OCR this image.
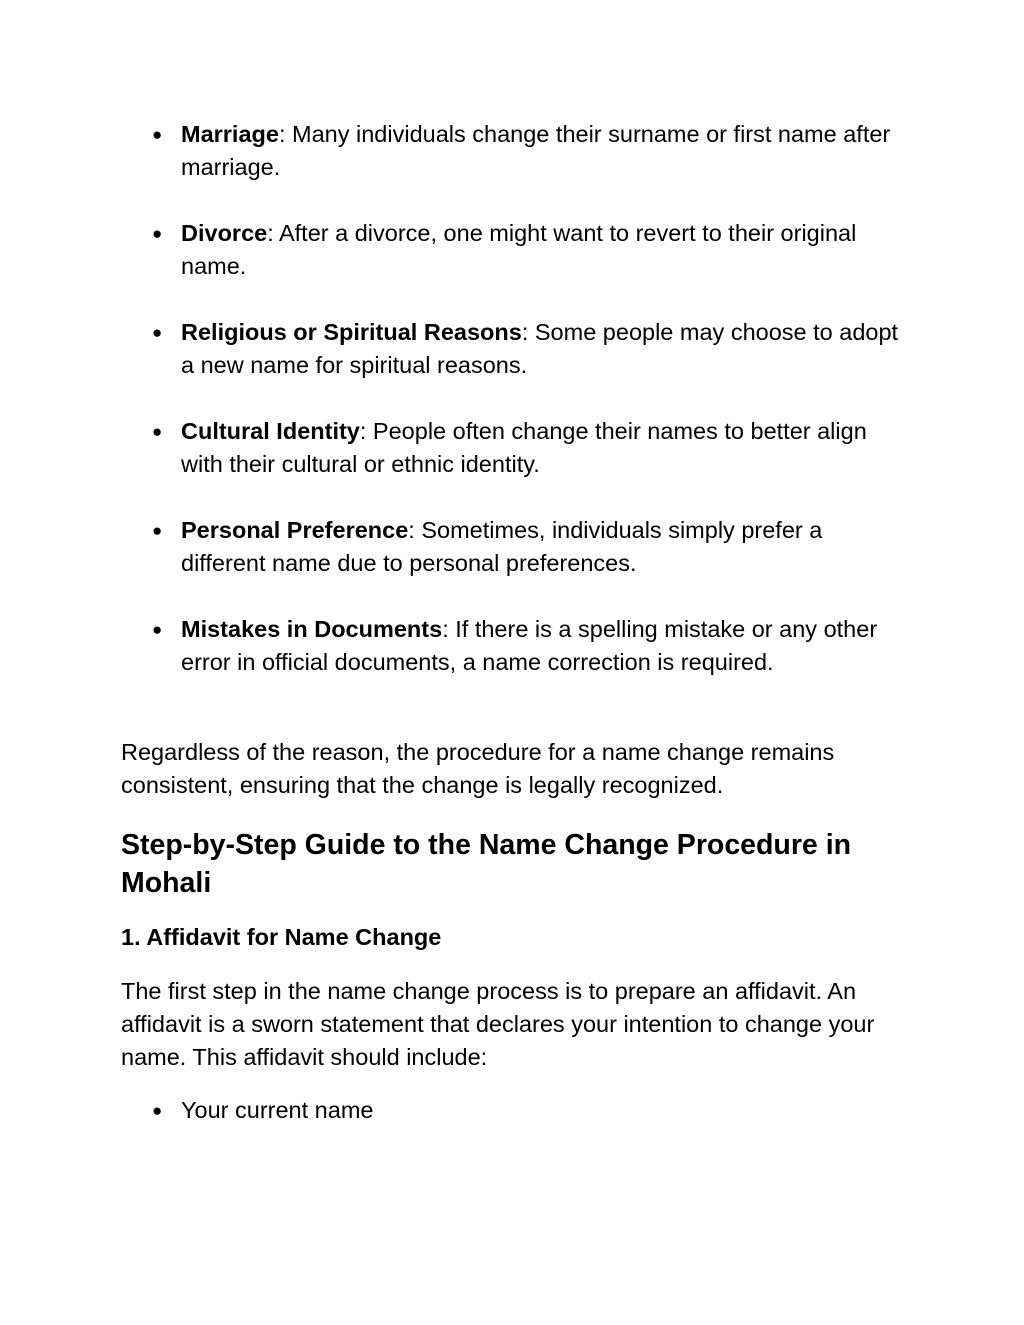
● Marriage: Many individuals change their surname or first name after marriage.
● Divorce: After a divorce, one might want to revert to their original name.
● Religious or Spiritual Reasons: Some people may choose to adopt a new name for spiritual reasons.
● Cultural Identity: People often change their names to better align with their cultural or ethnic identity.
● Personal Preference: Sometimes, individuals simply prefer a different name due to personal preferences.
● Mistakes in Documents: If there is a spelling mistake or any other error in official documents, a name correction is required.

Regardless of the reason, the procedure for a name change remains consistent, ensuring that the change is legally recognized.

Step-by-Step Guide to the Name Change Procedure in Mohali
1. Affidavit for Name Change

The first step in the name change process is to prepare an affidavit. An affidavit is a sworn statement that declares your intention to change your name. This affidavit should include:

● Your current name
